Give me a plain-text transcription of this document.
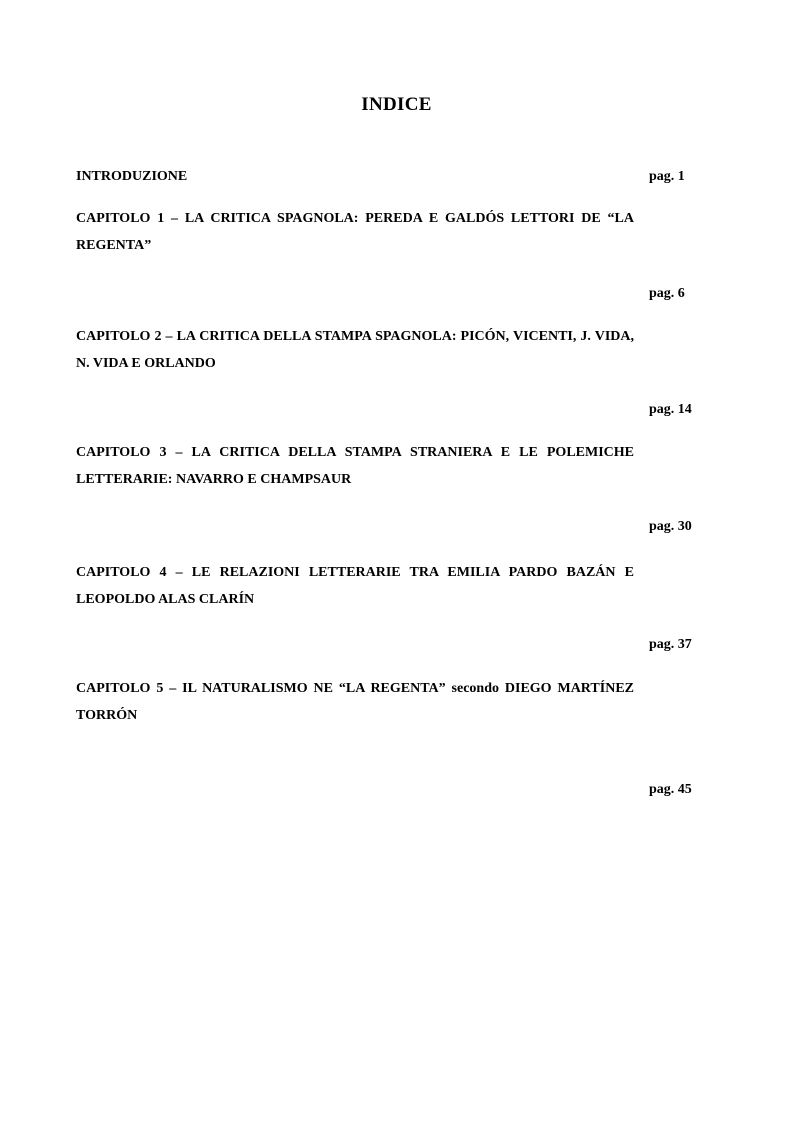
INDICE
INTRODUZIONE	pag. 1
CAPITOLO 1 – LA CRITICA SPAGNOLA: PEREDA E GALDÓS LETTORI DE “LA REGENTA”
pag. 6
CAPITOLO 2 – LA CRITICA DELLA STAMPA SPAGNOLA: PICÓN, VICENTI, J. VIDA, N. VIDA E ORLANDO
pag. 14
CAPITOLO 3 – LA CRITICA DELLA STAMPA STRANIERA E LE POLEMICHE LETTERARIE: NAVARRO E CHAMPSAUR
pag. 30
CAPITOLO 4 – LE RELAZIONI LETTERARIE TRA EMILIA PARDO BAZÁN E LEOPOLDO ALAS CLARÍN
pag. 37
CAPITOLO 5 – IL NATURALISMO NE “LA REGENTA” secondo DIEGO MARTÍNEZ TORRÓN
pag. 45
